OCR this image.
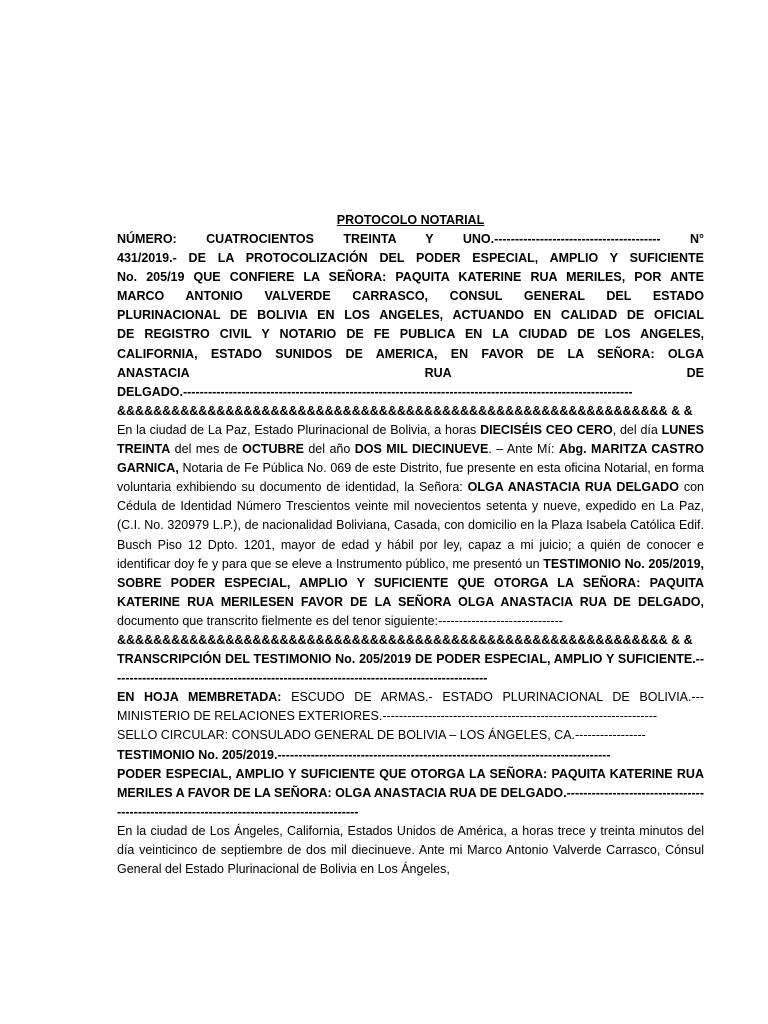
PROTOCOLO NOTARIAL

NÚMERO: CUATROCIENTOS TREINTA Y UNO.---------------------------------------- N°

431/2019.- DE LA PROTOCOLIZACIÓN DEL PODER ESPECIAL, AMPLIO Y SUFICIENTE

No. 205/19 QUE CONFIERE LA SEÑORA: PAQUITA KATERINE RUA MERILES, POR ANTE

MARCO ANTONIO VALVERDE CARRASCO, CONSUL GENERAL DEL ESTADO

PLURINACIONAL DE BOLIVIA EN LOS ANGELES, ACTUANDO EN CALIDAD DE OFICIAL

DE REGISTRO CIVIL Y NOTARIO DE FE PUBLICA EN LA CIUDAD DE LOS ANGELES,

CALIFORNIA, ESTADO SUNIDOS DE AMERICA, EN FAVOR DE LA SEÑORA: OLGA

ANASTACIA RUA DE

DELGADO.------------------------------------------------------------------------------------------------------------

&&&&&&&&&&&&&&&&&&&&&&&&&&&&&&&&&&&&&&&&&&&&&&&&&&&&&&&&&&&&& & &

En la ciudad de La Paz, Estado Plurinacional de Bolivia, a horas DIECISÉIS CEO CERO, del día LUNES TREINTA del mes de OCTUBRE del año DOS MIL DIECINUEVE. – Ante Mí: Abg. MARITZA CASTRO GARNICA, Notaria de Fe Pública No. 069 de este Distrito, fue presente en esta oficina Notarial, en forma voluntaria exhibiendo su documento de identidad, la Señora: OLGA ANASTACIA RUA DELGADO con Cédula de Identidad Número Trescientos veinte mil novecientos setenta y nueve, expedido en La Paz, (C.I. No. 320979 L.P.), de nacionalidad Boliviana, Casada, con domicilio en la Plaza Isabela Católica Edif. Busch Piso 12 Dpto. 1201, mayor de edad y hábil por ley, capaz a mi juicio; a quién de conocer e identificar doy fe y para que se eleve a Instrumento público, me presentó un TESTIMONIO No. 205/2019, SOBRE PODER ESPECIAL, AMPLIO Y SUFICIENTE QUE OTORGA LA SEÑORA: PAQUITA KATERINE RUA MERILESEN FAVOR DE LA SEÑORA OLGA ANASTACIA RUA DE DELGADO, documento que transcrito fielmente es del tenor siguiente:------------------------------

&&&&&&&&&&&&&&&&&&&&&&&&&&&&&&&&&&&&&&&&&&&&&&&&&&&&&&&&&&&&& & &

TRANSCRIPCIÓN DEL TESTIMONIO No. 205/2019 DE PODER ESPECIAL, AMPLIO Y SUFICIENTE.-------------------------------------------------------------------------------------------

EN HOJA MEMBRETADA: ESCUDO DE ARMAS.- ESTADO PLURINACIONAL DE BOLIVIA.--- MINISTERIO DE RELACIONES EXTERIORES.------------------------------------------------------------------

SELLO CIRCULAR: CONSULADO GENERAL DE BOLIVIA – LOS ÁNGELES, CA.-----------------

TESTIMONIO No. 205/2019.--------------------------------------------------------------------------------

PODER ESPECIAL, AMPLIO Y SUFICIENTE QUE OTORGA LA SEÑORA: PAQUITA KATERINE RUA MERILES A FAVOR DE LA SEÑORA: OLGA ANASTACIA RUA DE DELGADO.-------------------------------------------------------------------------------------------

En la ciudad de Los Ángeles, California, Estados Unidos de América, a horas trece y treinta minutos del día veinticinco de septiembre de dos mil diecinueve. Ante mi Marco Antonio Valverde Carrasco, Cónsul General del Estado Plurinacional de Bolivia en Los Ángeles,
